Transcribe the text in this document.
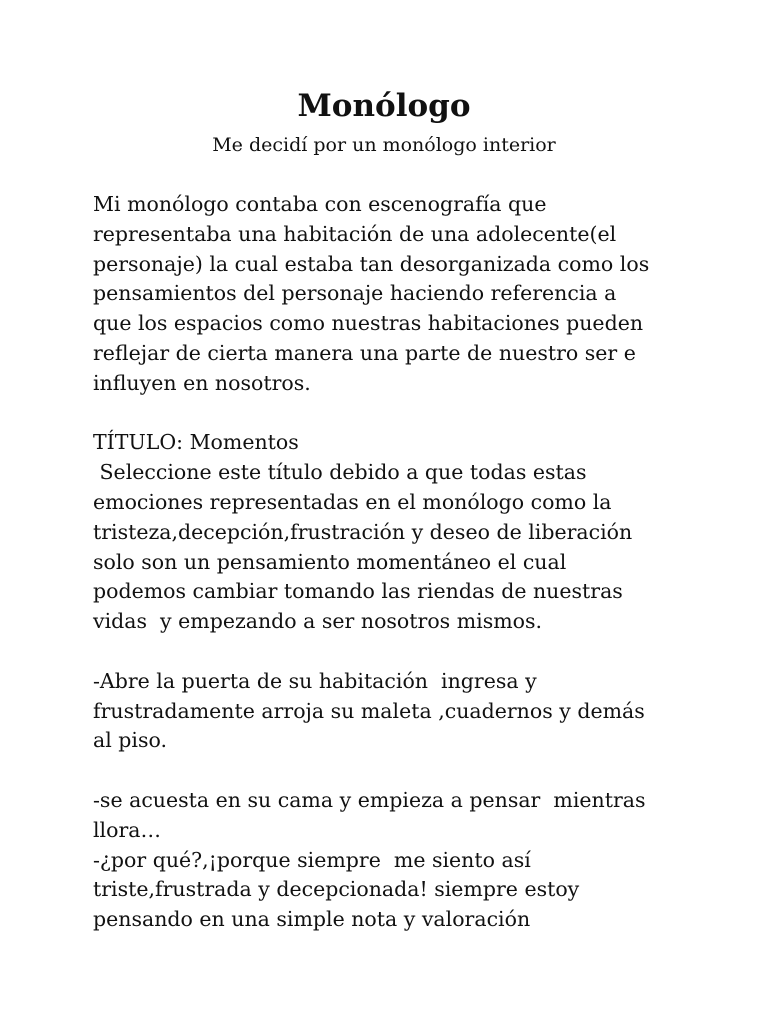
Monólogo
Me decidí por un monólogo interior
Mi monólogo contaba con escenografía que
representaba una habitación de una adolecente(el
personaje) la cual estaba tan desorganizada como los
pensamientos del personaje haciendo referencia a
que los espacios como nuestras habitaciones pueden
reflejar de cierta manera una parte de nuestro ser e
influyen en nosotros.
TÍTULO: Momentos
Seleccione este título debido a que todas estas
emociones representadas en el monólogo como la
tristeza,decepción,frustración y deseo de liberación
solo son un pensamiento momentáneo el cual
podemos cambiar tomando las riendas de nuestras
vidas  y empezando a ser nosotros mismos.
-Abre la puerta de su habitación  ingresa y
frustradamente arroja su maleta ,cuadernos y demás
al piso.
-se acuesta en su cama y empieza a pensar  mientras
llora…
-¿por qué?,¡porque siempre  me siento así
triste,frustrada y decepcionada! siempre estoy
pensando en una simple nota y valoración
